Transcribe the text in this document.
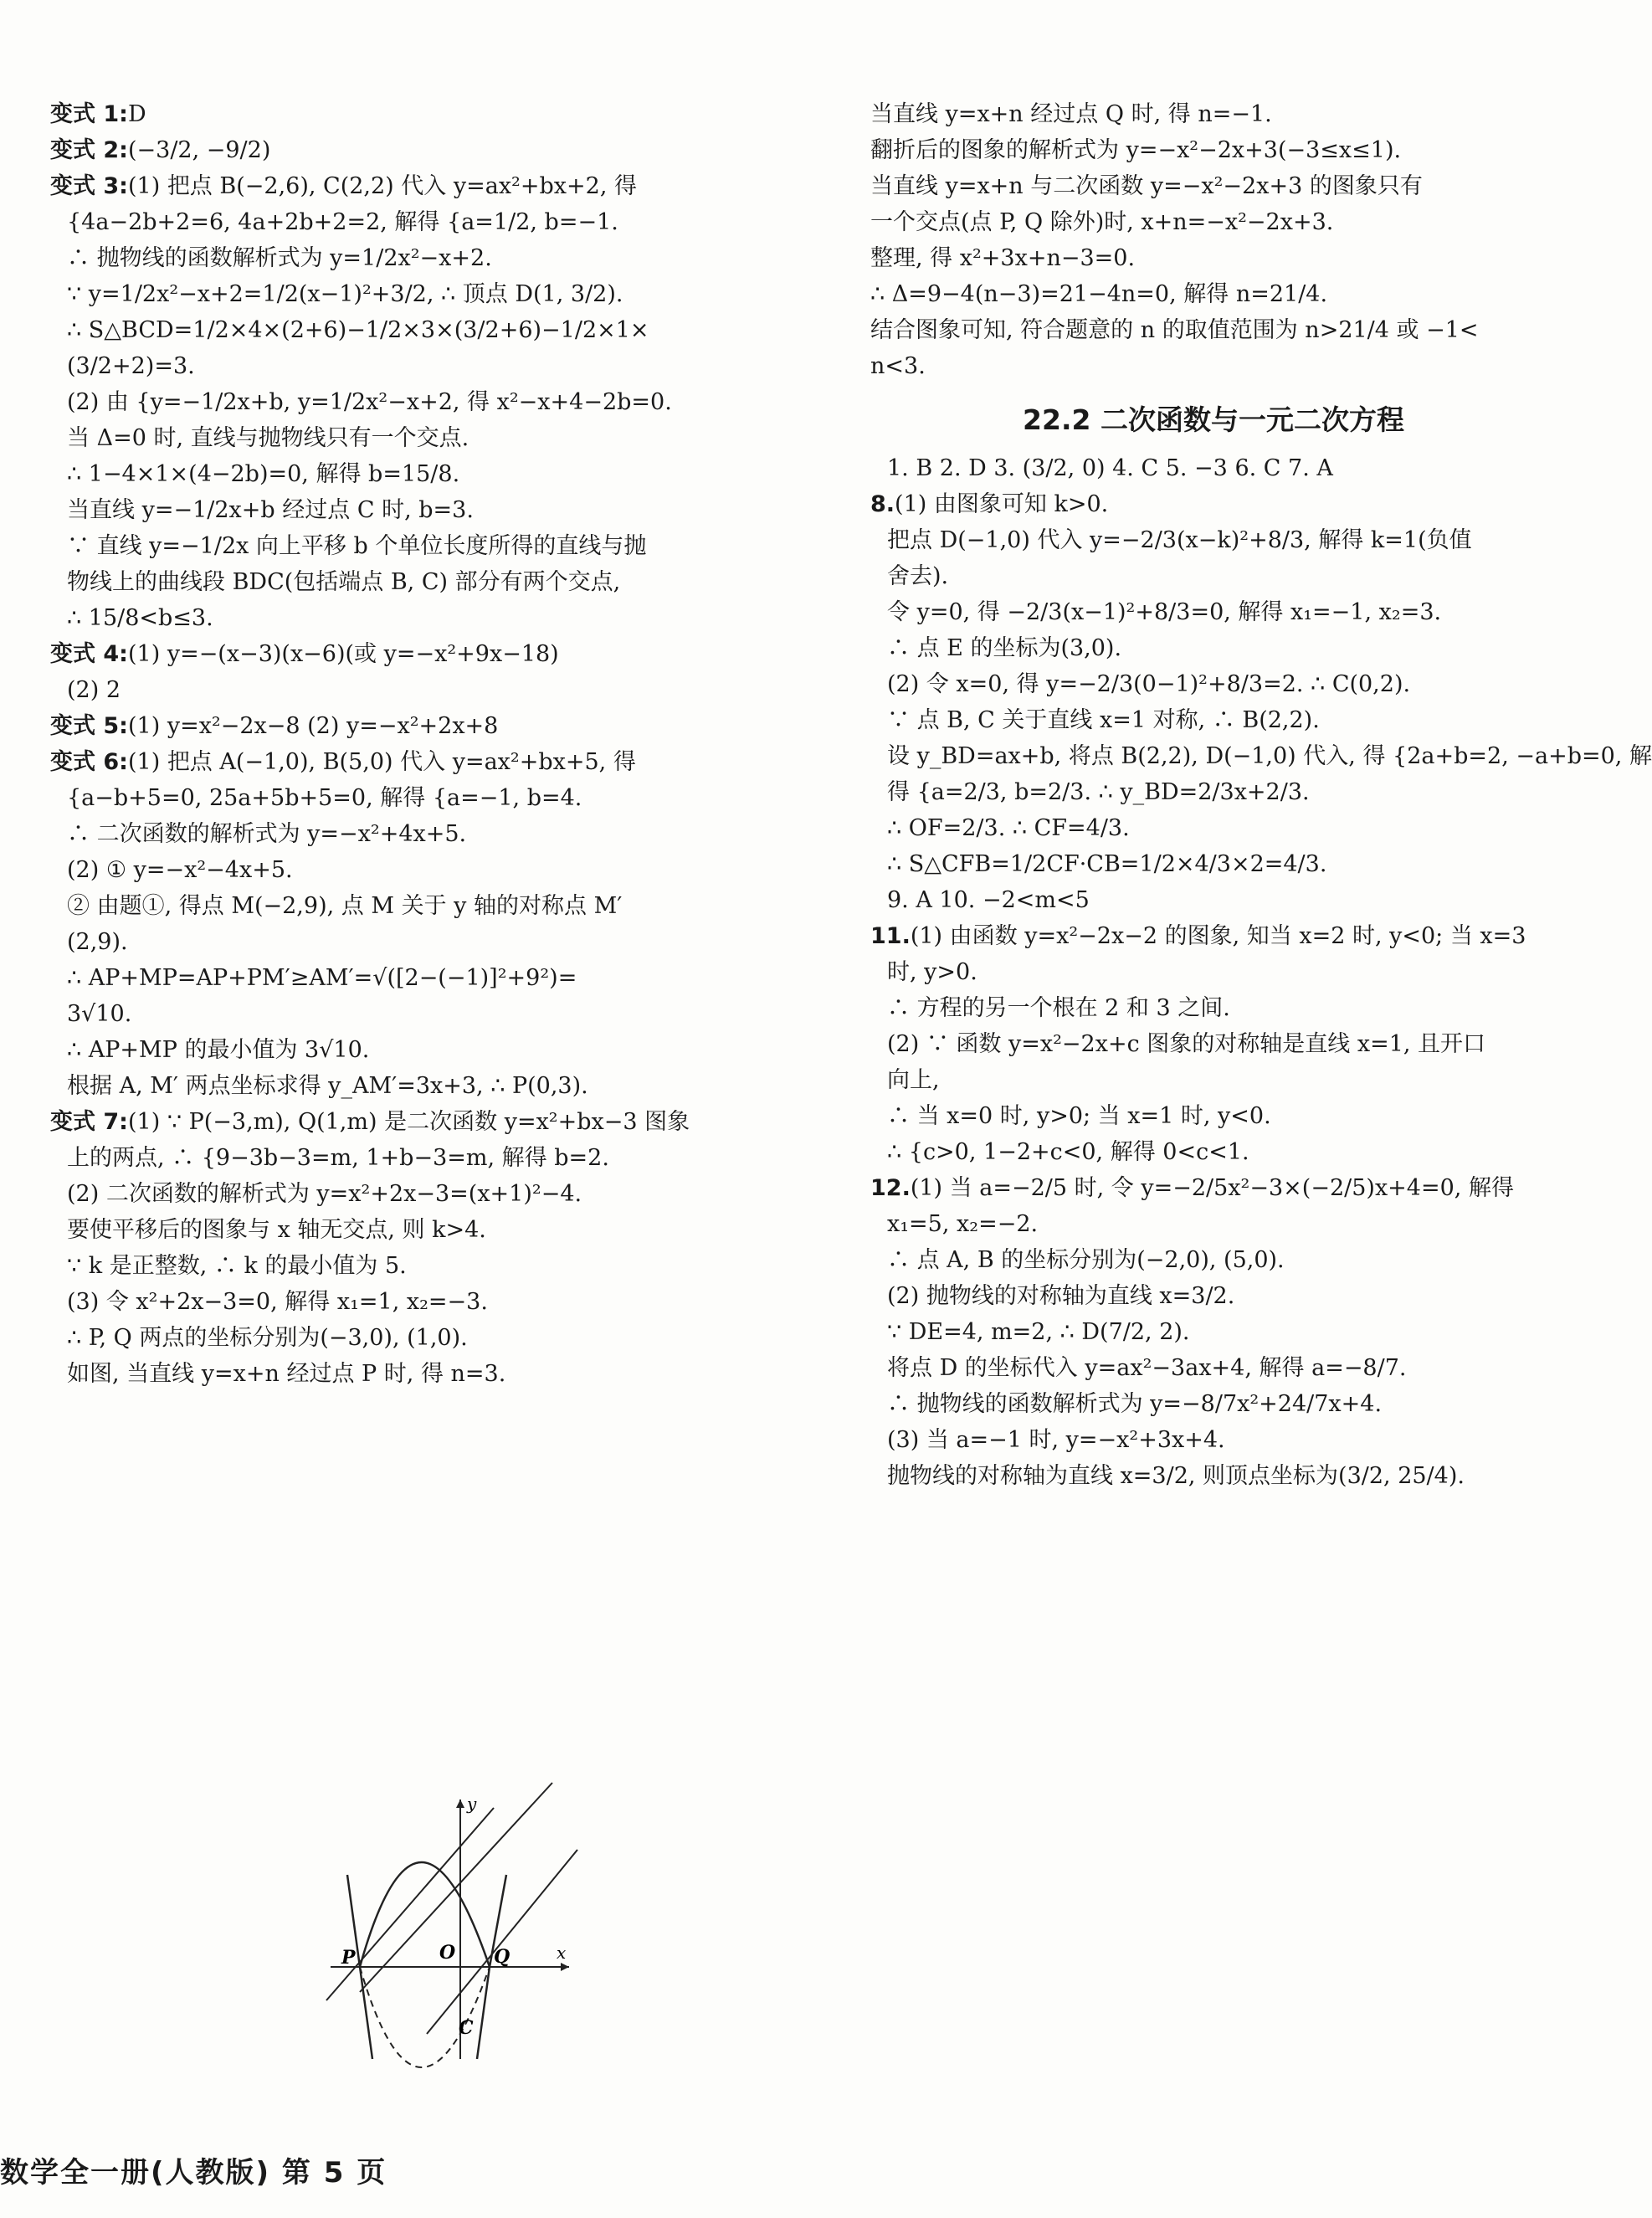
变式 1:D
变式 2:(−3/2, −9/2)
变式 3:(1) 把点 B(−2,6), C(2,2) 代入 y=ax²+bx+2, 得
{4a−2b+2=6, 4a+2b+2=2, 解得 {a=1/2, b=−1.
∴ 抛物线的函数解析式为 y=1/2x²−x+2.
∵ y=1/2x²−x+2=1/2(x−1)²+3/2, ∴ 顶点 D(1, 3/2).
∴ S△BCD=1/2×4×(2+6)−1/2×3×(3/2+6)−1/2×1×
(3/2+2)=3.
(2) 由 {y=−1/2x+b, y=1/2x²−x+2, 得 x²−x+4−2b=0.
当 Δ=0 时, 直线与抛物线只有一个交点.
∴ 1−4×1×(4−2b)=0, 解得 b=15/8.
当直线 y=−1/2x+b 经过点 C 时, b=3.
∵ 直线 y=−1/2x 向上平移 b 个单位长度所得的直线与抛
物线上的曲线段 BDC(包括端点 B, C) 部分有两个交点,
∴ 15/8<b≤3.
变式 4:(1) y=−(x−3)(x−6)(或 y=−x²+9x−18)
(2) 2
变式 5:(1) y=x²−2x−8 (2) y=−x²+2x+8
变式 6:(1) 把点 A(−1,0), B(5,0) 代入 y=ax²+bx+5, 得
{a−b+5=0, 25a+5b+5=0, 解得 {a=−1, b=4.
∴ 二次函数的解析式为 y=−x²+4x+5.
(2) ① y=−x²−4x+5.
② 由题①, 得点 M(−2,9), 点 M 关于 y 轴的对称点 M′
(2,9).
∴ AP+MP=AP+PM′≥AM′=√([2−(−1)]²+9²)=
3√10.
∴ AP+MP 的最小值为 3√10.
根据 A, M′ 两点坐标求得 y_AM′=3x+3, ∴ P(0,3).
变式 7:(1) ∵ P(−3,m), Q(1,m) 是二次函数 y=x²+bx−3 图象
上的两点, ∴ {9−3b−3=m, 1+b−3=m, 解得 b=2.
(2) 二次函数的解析式为 y=x²+2x−3=(x+1)²−4.
要使平移后的图象与 x 轴无交点, 则 k>4.
∵ k 是正整数, ∴ k 的最小值为 5.
(3) 令 x²+2x−3=0, 解得 x₁=1, x₂=−3.
∴ P, Q 两点的坐标分别为(−3,0), (1,0).
如图, 当直线 y=x+n 经过点 P 时, 得 n=3.
当直线 y=x+n 经过点 Q 时, 得 n=−1.
翻折后的图象的解析式为 y=−x²−2x+3(−3≤x≤1).
当直线 y=x+n 与二次函数 y=−x²−2x+3 的图象只有
一个交点(点 P, Q 除外)时, x+n=−x²−2x+3.
整理, 得 x²+3x+n−3=0.
∴ Δ=9−4(n−3)=21−4n=0, 解得 n=21/4.
结合图象可知, 符合题意的 n 的取值范围为 n>21/4 或 −1<
n<3.
22.2 二次函数与一元二次方程
1. B 2. D 3. (3/2, 0) 4. C 5. −3 6. C 7. A
8.(1) 由图象可知 k>0.
把点 D(−1,0) 代入 y=−2/3(x−k)²+8/3, 解得 k=1(负值
舍去).
令 y=0, 得 −2/3(x−1)²+8/3=0, 解得 x₁=−1, x₂=3.
∴ 点 E 的坐标为(3,0).
(2) 令 x=0, 得 y=−2/3(0−1)²+8/3=2. ∴ C(0,2).
∵ 点 B, C 关于直线 x=1 对称, ∴ B(2,2).
设 y_BD=ax+b, 将点 B(2,2), D(−1,0) 代入, 得 {2a+b=2, −a+b=0, 解
得 {a=2/3, b=2/3. ∴ y_BD=2/3x+2/3.
∴ OF=2/3. ∴ CF=4/3.
∴ S△CFB=1/2CF·CB=1/2×4/3×2=4/3.
9. A 10. −2<m<5
11.(1) 由函数 y=x²−2x−2 的图象, 知当 x=2 时, y<0; 当 x=3
时, y>0.
∴ 方程的另一个根在 2 和 3 之间.
(2) ∵ 函数 y=x²−2x+c 图象的对称轴是直线 x=1, 且开口
向上,
∴ 当 x=0 时, y>0; 当 x=1 时, y<0.
∴ {c>0, 1−2+c<0, 解得 0<c<1.
12.(1) 当 a=−2/5 时, 令 y=−2/5x²−3×(−2/5)x+4=0, 解得
x₁=5, x₂=−2.
∴ 点 A, B 的坐标分别为(−2,0), (5,0).
(2) 抛物线的对称轴为直线 x=3/2.
∵ DE=4, m=2, ∴ D(7/2, 2).
将点 D 的坐标代入 y=ax²−3ax+4, 解得 a=−8/7.
∴ 抛物线的函数解析式为 y=−8/7x²+24/7x+4.
(3) 当 a=−1 时, y=−x²+3x+4.
抛物线的对称轴为直线 x=3/2, 则顶点坐标为(3/2, 25/4).
y
x
P	O Q
C
数学全一册(人教版) 第 5 页
